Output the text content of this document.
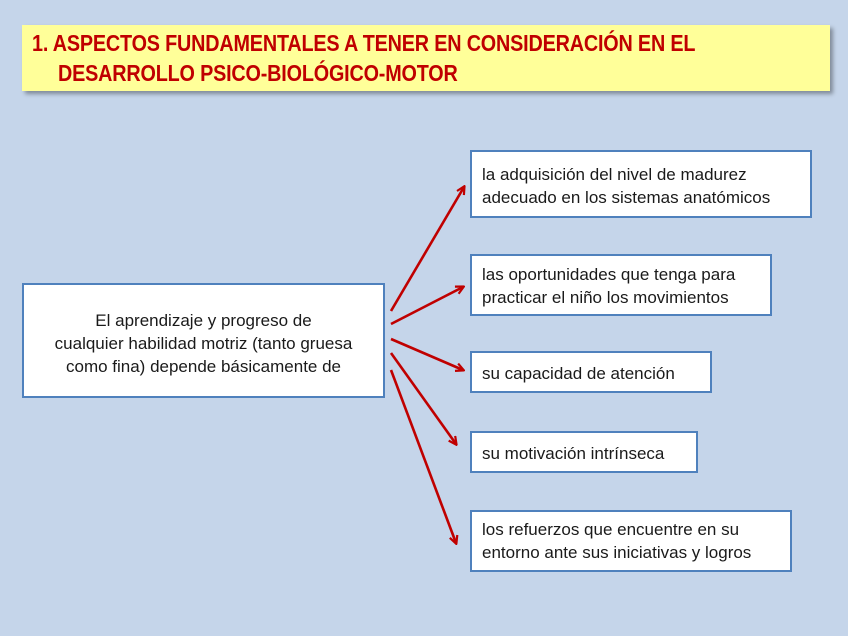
1. ASPECTOS FUNDAMENTALES A TENER EN CONSIDERACIÓN EN EL

DESARROLLO PSICO-BIOLÓGICO-MOTOR

El aprendizaje y progreso de
cualquier habilidad motriz (tanto gruesa
como fina) depende básicamente de
la adquisición del nivel de madurez
adecuado en los sistemas anatómicos
las oportunidades que tenga para
practicar el niño los movimientos
su capacidad de atención
su motivación intrínseca
los refuerzos que encuentre en su
entorno ante sus iniciativas y logros
